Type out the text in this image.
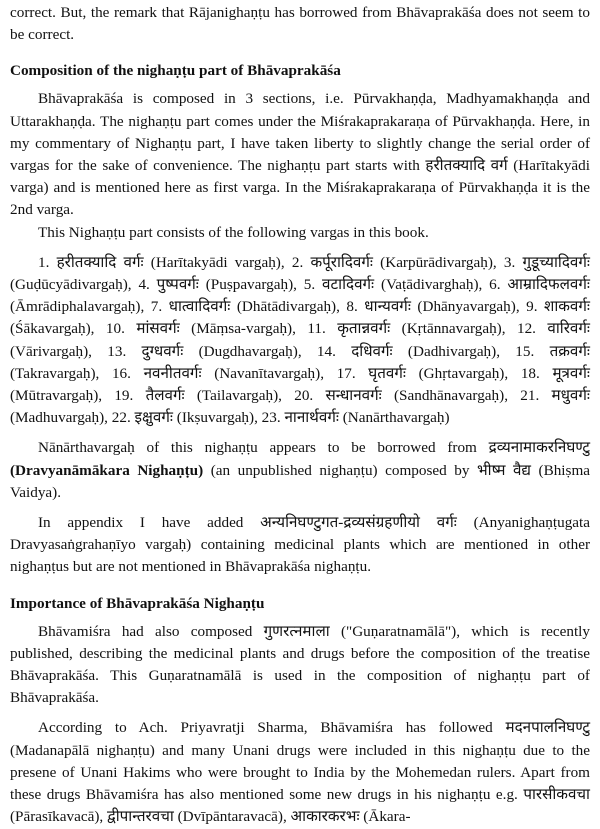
correct. But, the remark that Rājanighaṇṭu has borrowed from Bhāvaprakāśa does not seem to be correct.

Composition of the nighaṇṭu part of Bhāvaprakāśa

Bhāvaprakāśa is composed in 3 sections, i.e. Pūrvakhaṇḍa, Madhyamakhaṇḍa and Uttarakhaṇḍa. The nighaṇṭu part comes under the Miśrakaprakaraṇa of Pūrvakhaṇḍa. Here, in my commentary of Nighaṇṭu part, I have taken liberty to slightly change the serial order of vargas for the sake of convenience. The nighaṇṭu part starts with हरीतक्यादि वर्ग (Harītakyādi varga) and is mentioned here as first varga. In the Miśrakaprakaraṇa of Pūrvakhaṇḍa it is the 2nd varga.

This Nighaṇṭu part consists of the following vargas in this book.

1. हरीतक्यादि वर्गः (Harītakyādi vargaḥ), 2. कर्पूरादिवर्गः (Karpūrādivargaḥ), 3. गुडूच्यादिवर्गः (Guḍūcyādivargaḥ), 4. पुष्पवर्गः (Puṣpavargaḥ), 5. वटादिवर्गः (Vaṭādivarghaḥ), 6. आम्रादिफलवर्गः (Āmrādiphalavargaḥ), 7. धात्वादिवर्गः (Dhātādivargaḥ), 8. धान्यवर्गः (Dhānyavargaḥ), 9. शाकवर्गः (Śākavargaḥ), 10. मांसवर्गः (Māṃsa-vargaḥ), 11. कृतान्नवर्गः (Kṛtānnavargaḥ), 12. वारिवर्गः (Vārivargaḥ), 13. दुग्धवर्गः (Dugdhavargaḥ), 14. दधिवर्गः (Dadhivargaḥ), 15. तक्रवर्गः (Takravargaḥ), 16. नवनीतवर्गः (Navanītavargaḥ), 17. घृतवर्गः (Ghṛtavargaḥ), 18. मूत्रवर्गः (Mūtravargaḥ), 19. तैलवर्गः (Tailavargaḥ), 20. सन्धानवर्गः (Sandhānavargaḥ), 21. मधुवर्गः (Madhuvargaḥ), 22. इक्षुवर्गः (Ikṣuvargaḥ), 23. नानार्थवर्गः (Nanārthavargaḥ)

Nānārthavargaḥ of this nighaṇṭu appears to be borrowed from द्रव्यनामाकरनिघण्टु (Dravyanāmākara Nighaṇṭu) (an unpublished nighaṇṭu) composed by भीष्म वैद्य (Bhiṣma Vaidya).

In appendix I have added अन्यनिघण्टुगत-द्रव्यसंग्रहणीयो वर्गः (Anyanighaṇṭugata Dravyasaṅgrahaṇīyo vargaḥ) containing medicinal plants which are mentioned in other nighaṇṭus but are not mentioned in Bhāvaprakāśa nighaṇṭu.

Importance of Bhāvaprakāśa Nighaṇṭu

Bhāvamiśra had also composed गुणरत्नमाला ("Guṇaratnamālā"), which is recently published, describing the medicinal plants and drugs before the composition of the treatise Bhāvaprakāśa. This Guṇaratnamālā is used in the composition of nighaṇṭu part of Bhāvaprakāśa.

According to Ach. Priyavratji Sharma, Bhāvamiśra has followed मदनपालनिघण्टु (Madanapālā nighaṇṭu) and many Unani drugs were included in this nighaṇṭu due to the presene of Unani Hakims who were brought to India by the Mohemedan rulers. Apart from these drugs Bhāvamiśra has also mentioned some new drugs in his nighaṇṭu e.g. पारसीकवचा (Pārasīkavacā), द्वीपान्तरवचा (Dvīpāntaravacā), आकारकरभः (Ākara-
